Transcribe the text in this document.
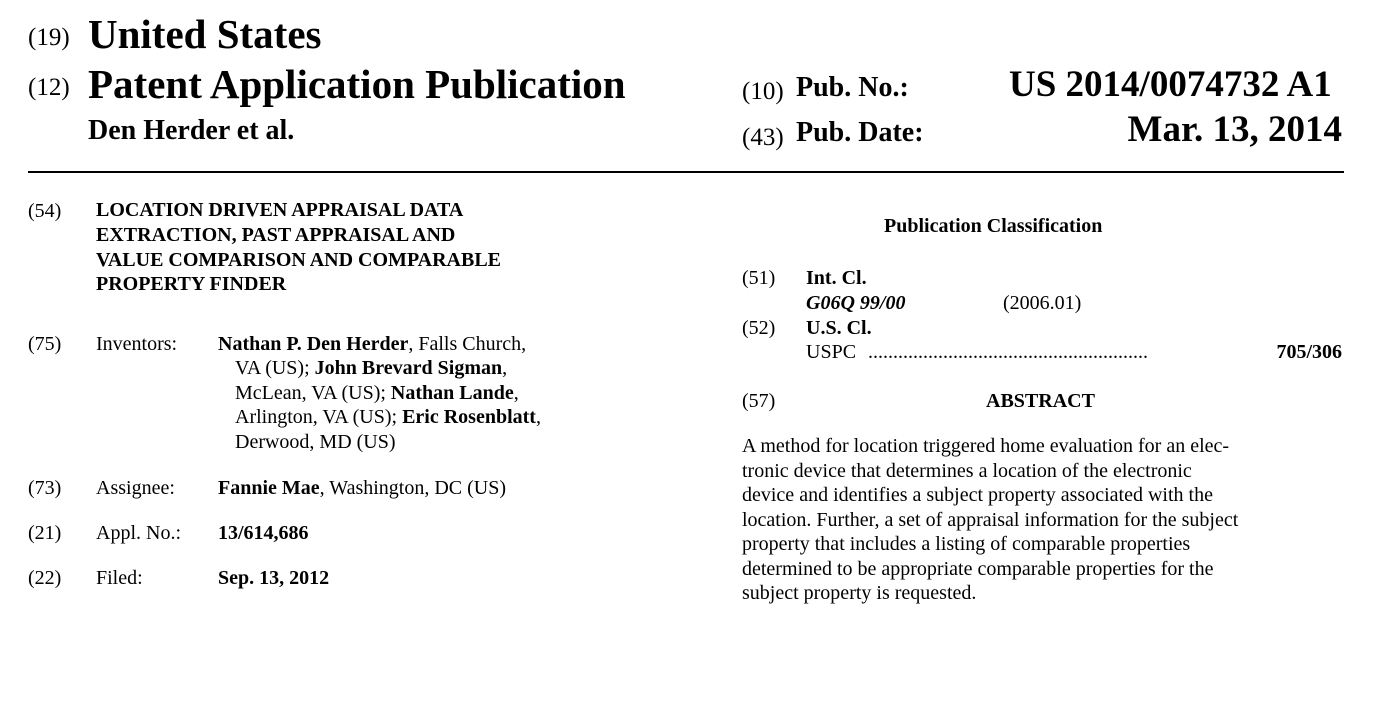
(19) United States
(12) Patent Application Publication
Den Herder et al.
(10) Pub. No.:	US 2014/0074732 A1
(43) Pub. Date:	Mar. 13, 2014
(54) LOCATION DRIVEN APPRAISAL DATA
EXTRACTION, PAST APPRAISAL AND
VALUE COMPARISON AND COMPARABLE
PROPERTY FINDER
(75) Inventors: Nathan P. Den Herder, Falls Church,
VA (US); John Brevard Sigman,
McLean, VA (US); Nathan Lande,
Arlington, VA (US); Eric Rosenblatt,
Derwood, MD (US)
(73) Assignee: Fannie Mae, Washington, DC (US)
(21) Appl. No.: 13/614,686
(22) Filed:	Sep. 13, 2012
Publication Classification
(51) Int. Cl.
G06Q 99/00	(2006.01)
(52) U.S. Cl.
USPC ........................................................	705/306
(57)	ABSTRACT
A method for location triggered home evaluation for an elec-
tronic device that determines a location of the electronic
device and identifies a subject property associated with the
location. Further, a set of appraisal information for the subject
property that includes a listing of comparable properties
determined to be appropriate comparable properties for the
subject property is requested.
